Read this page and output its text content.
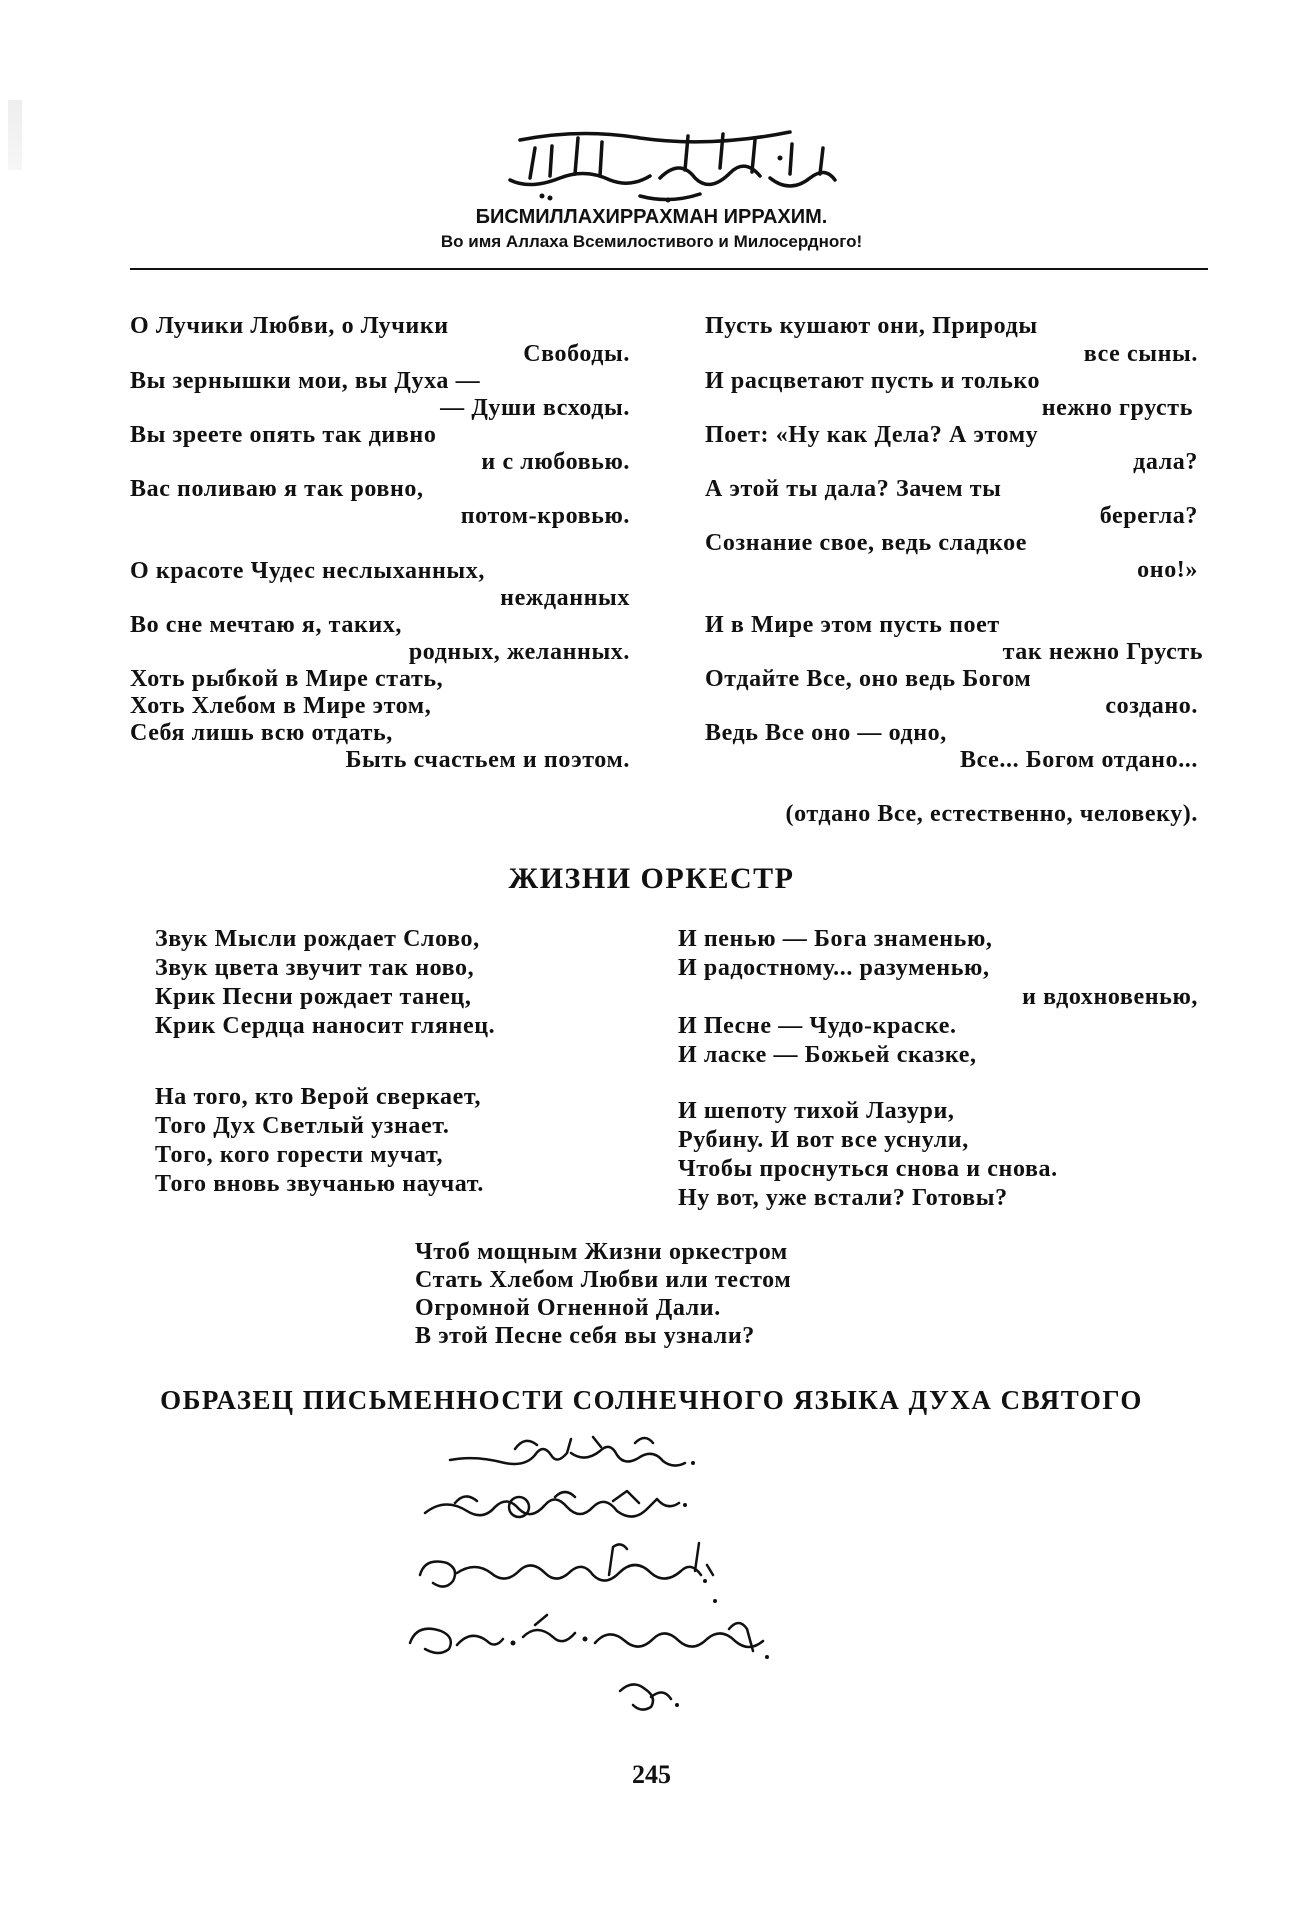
БИСМИЛЛАХИРРАХМАН ИРРАХИМ.
Во имя Аллаха Всемилостивого и Милосердного!
О Лучики Любви, о Лучики
Свободы.
Вы зернышки мои, вы Духа —
— Души всходы.
Вы зреете опять так дивно
и с любовью.
Вас поливаю я так ровно,
потом-кровью.
О красоте Чудес неслыханных,
нежданных
Во сне мечтаю я, таких,
родных, желанных.
Хоть рыбкой в Мире стать,
Хоть Хлебом в Мире этом,
Себя лишь всю отдать,
Быть счастьем и поэтом.
Пусть кушают они, Природы
все сыны.
И расцветают пусть и только
нежно грусть
Поет: «Ну как Дела? А этому
дала?
А этой ты дала? Зачем ты
берегла?
Сознание свое, ведь сладкое
оно!»
И в Мире этом пусть поет
так нежно Грусть
Отдайте Все, оно ведь Богом
создано.
Ведь Все оно — одно,
Все... Богом отдано...
(отдано Все, естественно, человеку).
ЖИЗНИ ОРКЕСТР
Звук Мысли рождает Слово,
Звук цвета звучит так ново,
Крик Песни рождает танец,
Крик Сердца наносит глянец.
На того, кто Верой сверкает,
Того Дух Светлый узнает.
Того, кого горести мучат,
Того вновь звучанью научат.
И пенью — Бога знаменью,
И радостному... разуменью,
и вдохновенью,
И Песне — Чудо-краске.
И ласке — Божьей сказке,
И шепоту тихой Лазури,
Рубину. И вот все уснули,
Чтобы проснуться снова и снова.
Ну вот, уже встали? Готовы?
Чтоб мощным Жизни оркестром
Стать Хлебом Любви или тестом
Огромной Огненной Дали.
В этой Песне себя вы узнали?
ОБРАЗЕЦ ПИСЬМЕННОСТИ СОЛНЕЧНОГО ЯЗЫКА ДУХА СВЯТОГО
245
